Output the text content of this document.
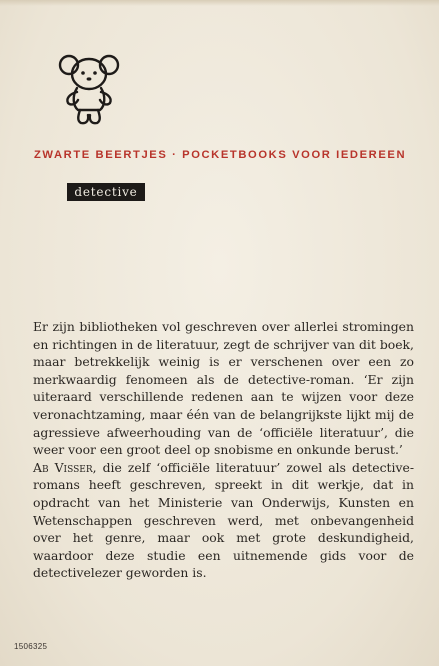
ZWARTE BEERTJES · POCKETBOOKS VOOR IEDEREEN
detective

Er zijn bibliotheken vol geschreven over allerlei stromingen en richtingen in de literatuur, zegt de schrijver van dit boek, maar betrekkelijk weinig is er verschenen over een zo merkwaardig fenomeen als de detective-roman. ‘Er zijn uiteraard verschillende redenen aan te wijzen voor deze veronachtzaming, maar één van de belangrijkste lijkt mij de agressieve afweerhouding van de ‘officiële literatuur’, die weer voor een groot deel op snobisme en onkunde berust.’

Ab Visser, die zelf ‘officiële literatuur’ zowel als detective-romans heeft geschreven, spreekt in dit werkje, dat in opdracht van het Ministerie van Onderwijs, Kunsten en Wetenschappen geschreven werd, met onbevangenheid over het genre, maar ook met grote deskundigheid, waardoor deze studie een uitnemende gids voor de detectivelezer geworden is.

1506325
